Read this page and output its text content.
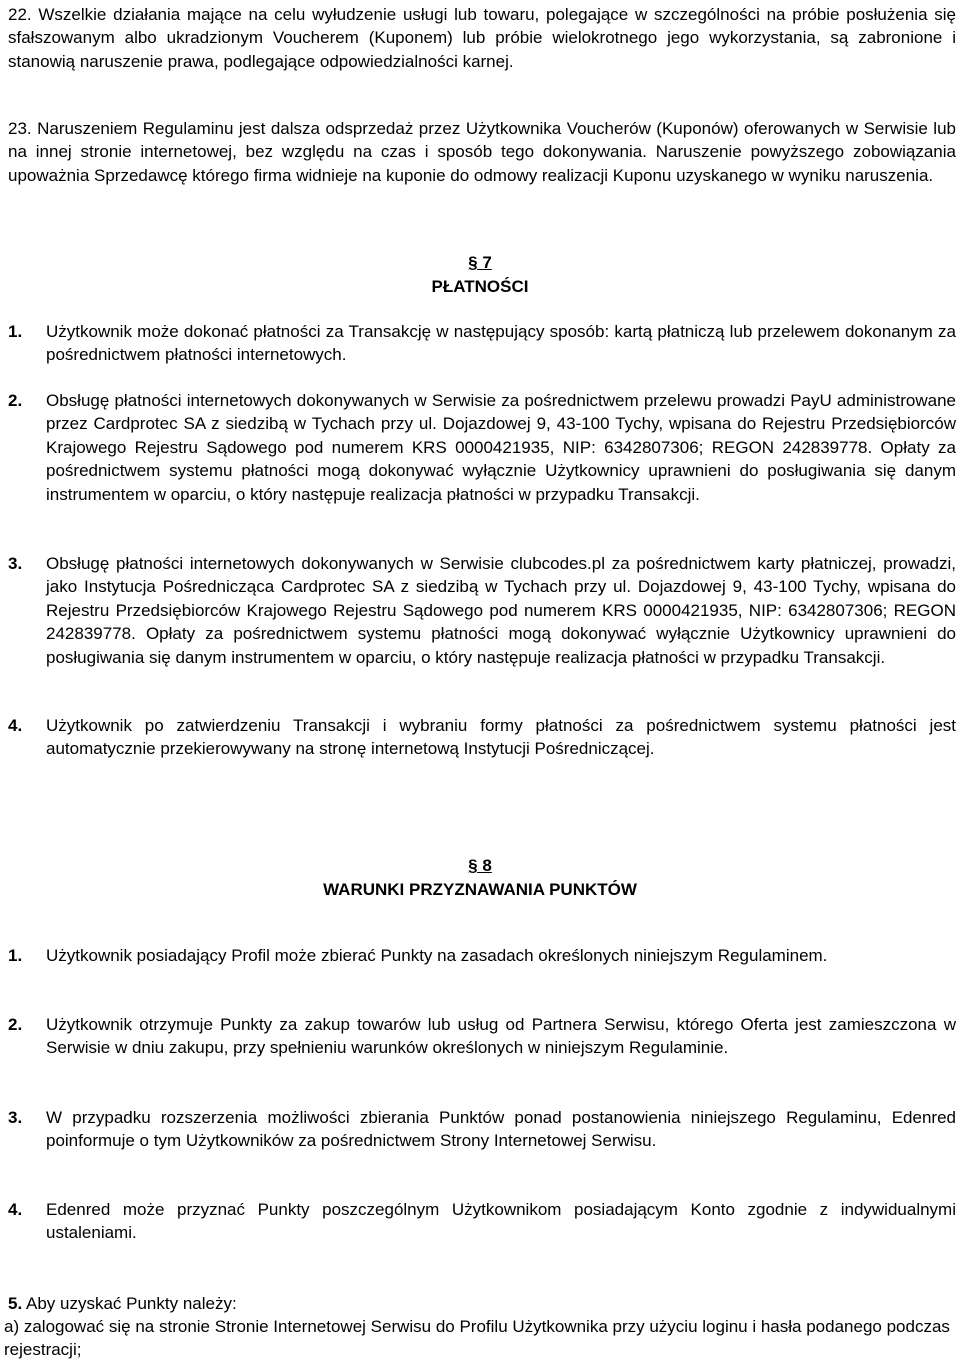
22. Wszelkie działania mające na celu wyłudzenie usługi lub towaru, polegające w szczególności na próbie posłużenia się sfałszowanym albo ukradzionym Voucherem (Kuponem) lub próbie wielokrotnego jego wykorzystania, są zabronione i stanowią naruszenie prawa, podlegające odpowiedzialności karnej.
23. Naruszeniem Regulaminu jest dalsza odsprzedaż przez Użytkownika Voucherów (Kuponów) oferowanych w Serwisie lub na innej stronie internetowej, bez względu na czas i sposób tego dokonywania. Naruszenie powyższego zobowiązania upoważnia Sprzedawcę którego firma widnieje na kuponie do odmowy realizacji Kuponu uzyskanego w wyniku naruszenia.
§ 7
PŁATNOŚCI
1. Użytkownik może dokonać płatności za Transakcję w następujący sposób: kartą płatniczą lub przelewem dokonanym za pośrednictwem płatności internetowych.
2. Obsługę płatności internetowych dokonywanych w Serwisie za pośrednictwem przelewu prowadzi PayU administrowane przez Cardprotec SA z siedzibą w Tychach przy ul. Dojazdowej 9, 43-100 Tychy, wpisana do Rejestru Przedsiębiorców Krajowego Rejestru Sądowego pod numerem KRS 0000421935, NIP: 6342807306; REGON 242839778. Opłaty za pośrednictwem systemu płatności mogą dokonywać wyłącznie Użytkownicy uprawnieni do posługiwania się danym instrumentem w oparciu, o który następuje realizacja płatności w przypadku Transakcji.
3. Obsługę płatności internetowych dokonywanych w Serwisie clubcodes.pl za pośrednictwem karty płatniczej, prowadzi, jako Instytucja Pośrednicząca Cardprotec SA z siedzibą w Tychach przy ul. Dojazdowej 9, 43-100 Tychy, wpisana do Rejestru Przedsiębiorców Krajowego Rejestru Sądowego pod numerem KRS 0000421935, NIP: 6342807306; REGON 242839778. Opłaty za pośrednictwem systemu płatności mogą dokonywać wyłącznie Użytkownicy uprawnieni do posługiwania się danym instrumentem w oparciu, o który następuje realizacja płatności w przypadku Transakcji.
4. Użytkownik po zatwierdzeniu Transakcji i wybraniu formy płatności za pośrednictwem systemu płatności jest automatycznie przekierowywany na stronę internetową Instytucji Pośredniczącej.
§ 8
WARUNKI PRZYZNAWANIA PUNKTÓW
1. Użytkownik posiadający Profil może zbierać Punkty na zasadach określonych niniejszym Regulaminem.
2. Użytkownik otrzymuje Punkty za zakup towarów lub usług od Partnera Serwisu, którego Oferta jest zamieszczona w Serwisie w dniu zakupu, przy spełnieniu warunków określonych w niniejszym Regulaminie.
3. W przypadku rozszerzenia możliwości zbierania Punktów ponad postanowienia niniejszego Regulaminu, Edenred poinformuje o tym Użytkowników za pośrednictwem Strony Internetowej Serwisu.
4. Edenred może przyznać Punkty poszczególnym Użytkownikom posiadającym Konto zgodnie z indywidualnymi ustaleniami.
5. Aby uzyskać Punkty należy:
a) zalogować się na stronie Stronie Internetowej Serwisu do Profilu Użytkownika przy użyciu loginu i hasła podanego podczas rejestracji;
